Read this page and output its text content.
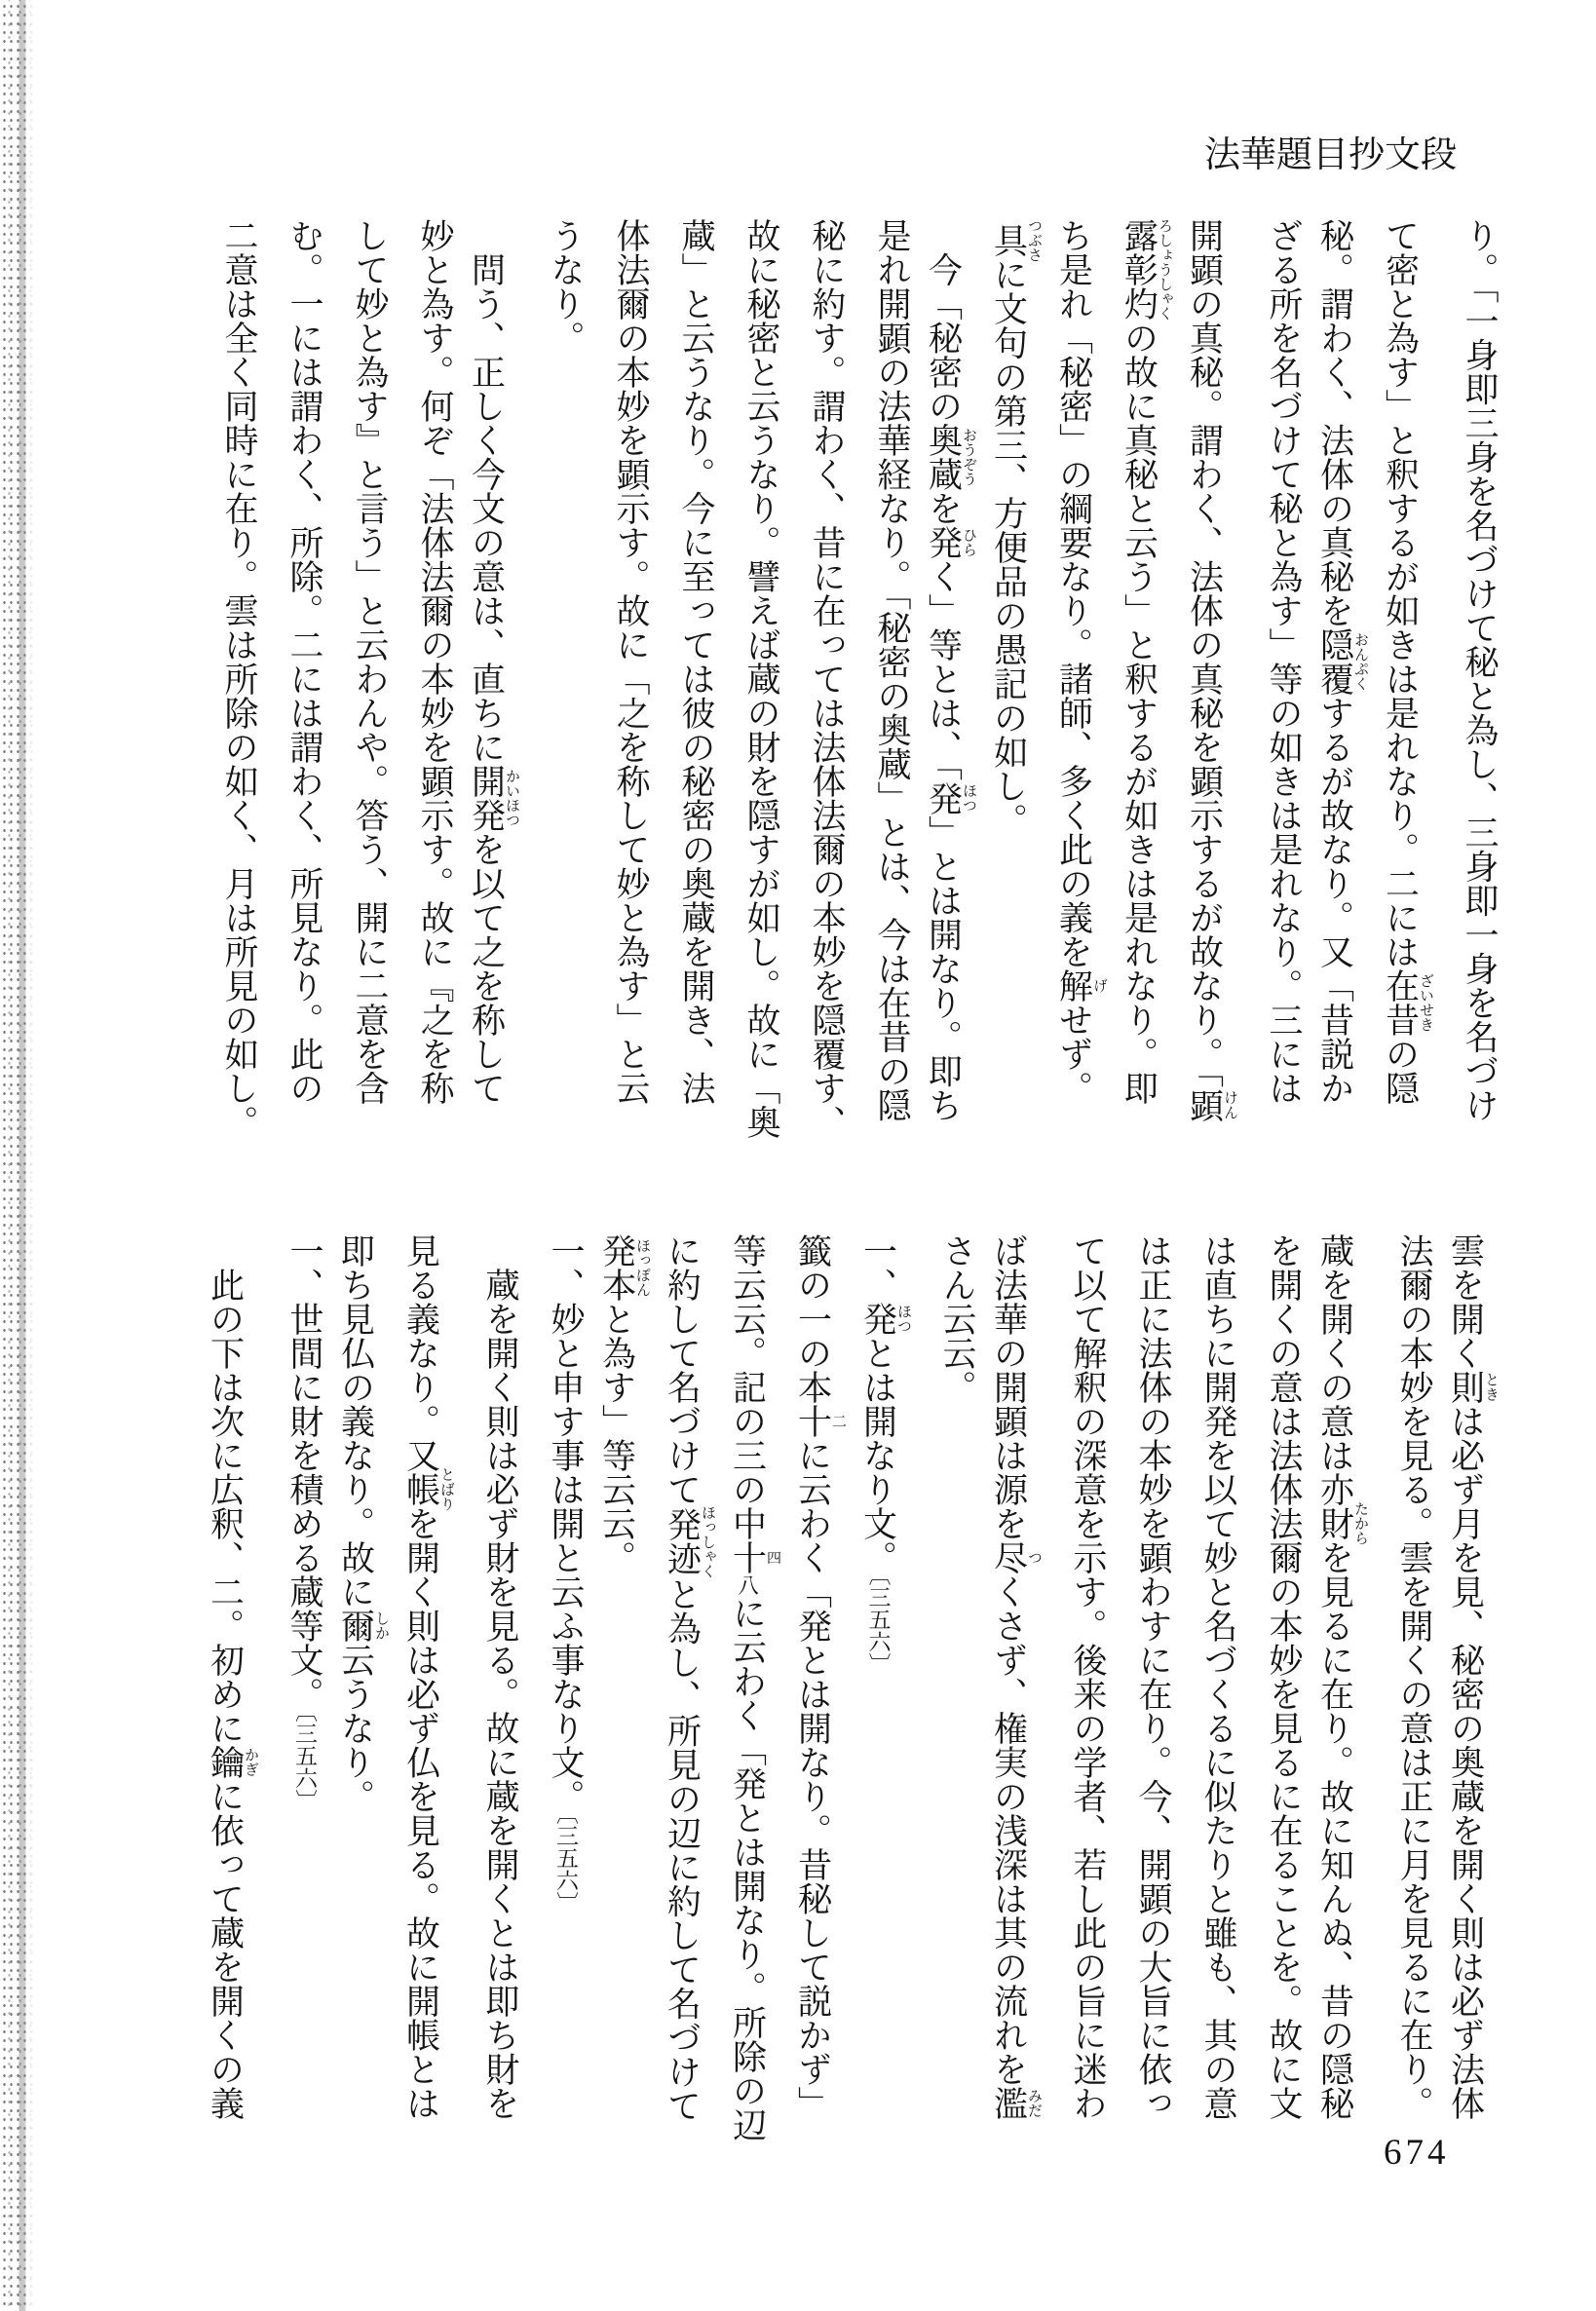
法華題目抄文段
り。「一身即三身を名づけて秘と為し、三身即一身を名づけ
て密と為す」と釈するが如きは是れなり。二には在昔ざいせきの隠
秘。謂わく、法体の真秘を隠覆おんぷくするが故なり。又「昔説か
ざる所を名づけて秘と為す」等の如きは是れなり。三には
開顕の真秘。謂わく、法体の真秘を顕示するが故なり。「顕けん
露彰灼ろしょうしゃくの故に真秘と云う」と釈するが如きは是れなり。即
ち是れ「秘密」の綱要なり。諸師、多く此の義を解げせず。
具つぶさに文句の第三、方便品の愚記の如し。
　今「秘密の奥蔵おうぞうを発ひらく」等とは、「発ほつ」とは開なり。即ち
是れ開顕の法華経なり。「秘密の奥蔵」とは、今は在昔の隠
秘に約す。謂わく、昔に在っては法体法爾の本妙を隠覆す、
故に秘密と云うなり。譬えば蔵の財を隠すが如し。故に「奥
蔵」と云うなり。今に至っては彼の秘密の奥蔵を開き、法
体法爾の本妙を顕示す。故に「之を称して妙と為す」と云
うなり。
　問う、正しく今文の意は、直ちに開発かいほつを以て之を称して
妙と為す。何ぞ「法体法爾の本妙を顕示す。故に『之を称
して妙と為す』と言う」と云わんや。答う、開に二意を含
む。一には謂わく、所除。二には謂わく、所見なり。此の
二意は全く同時に在り。雲は所除の如く、月は所見の如し。
雲を開く則ときは必ず月を見、秘密の奥蔵を開く則は必ず法体
法爾の本妙を見る。雲を開くの意は正に月を見るに在り。
蔵を開くの意は亦財たからを見るに在り。故に知んぬ、昔の隠秘
を開くの意は法体法爾の本妙を見るに在ることを。故に文
は直ちに開発を以て妙と名づくるに似たりと雖も、其の意
は正に法体の本妙を顕わすに在り。今、開顕の大旨に依っ
て以て解釈の深意を示す。後来の学者、若し此の旨に迷わ
ば法華の開顕は源を尽つくさず、権実の浅深は其の流れを濫みだ
さん云云。
一、発ほつとは開なり文。〔三五六〕
籤の一の本十二に云わく「発とは開なり。昔秘して説かず」
等云云。記の三の中十四八に云わく「発とは開なり。所除の辺
に約して名づけて発迹ほっしゃくと為し、所見の辺に約して名づけて
発本ほっぽんと為す」等云云。
一、妙と申す事は開と云ふ事なり文。〔三五六〕
　蔵を開く則は必ず財を見る。故に蔵を開くとは即ち財を
見る義なり。又帳とばりを開く則は必ず仏を見る。故に開帳とは
即ち見仏の義なり。故に爾しか云うなり。
一、世間に財を積める蔵等文。〔三五六〕
　此の下は次に広釈、二。初めに鑰かぎに依って蔵を開くの義
674
